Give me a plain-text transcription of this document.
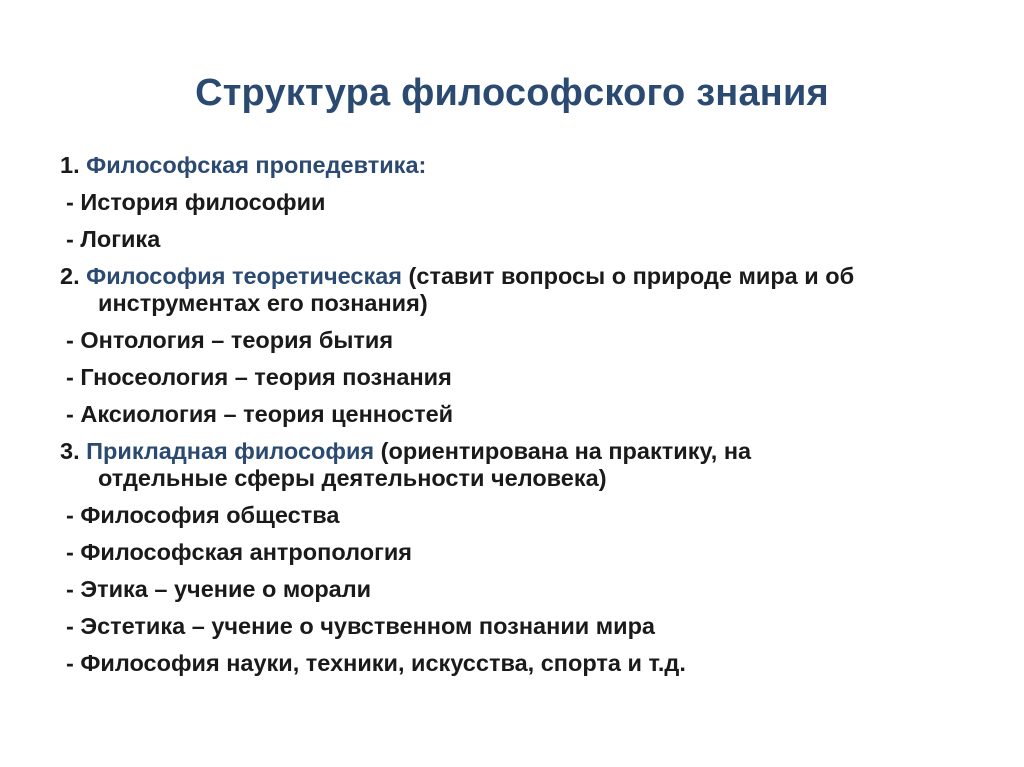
Структура философского знания

1. Философская пропедевтика:

- История философии

- Логика

2. Философия теоретическая (ставит вопросы о природе мира и об

инструментах его познания)

- Онтология – теория бытия

- Гносеология – теория познания

- Аксиология – теория ценностей

3. Прикладная философия (ориентирована на практику, на

отдельные сферы деятельности человека)

- Философия общества

- Философская антропология

- Этика – учение о морали

- Эстетика – учение о чувственном познании мира

- Философия науки, техники, искусства, спорта и т.д.
